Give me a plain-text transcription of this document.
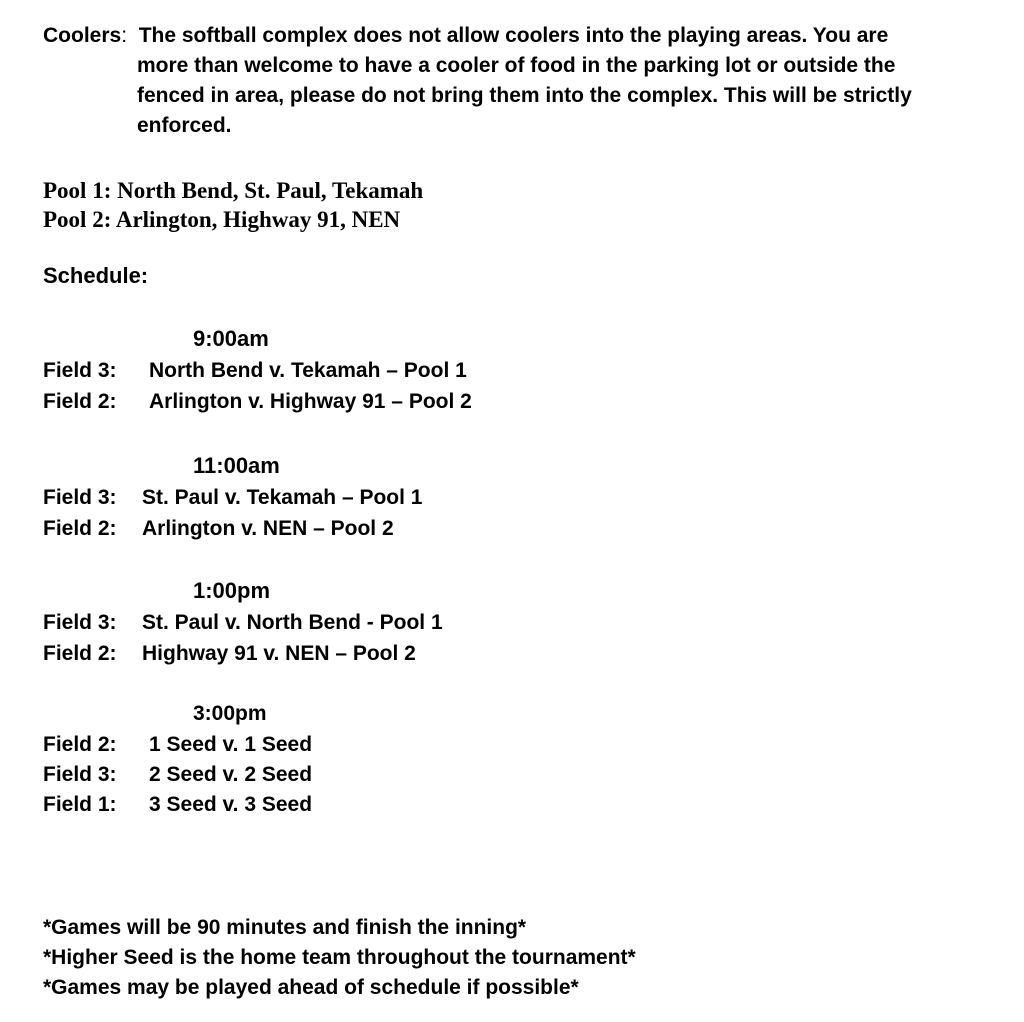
Coolers: The softball complex does not allow coolers into the playing areas. You are
more than welcome to have a cooler of food in the parking lot or outside the
fenced in area, please do not bring them into the complex. This will be strictly
enforced.
Pool 1: North Bend, St. Paul, Tekamah
Pool 2: Arlington, Highway 91, NEN
Schedule:
9:00am
Field 3: North Bend v. Tekamah – Pool 1
Field 2: Arlington v. Highway 91 – Pool 2
11:00am
Field 3: St. Paul v. Tekamah – Pool 1
Field 2: Arlington v. NEN – Pool 2
1:00pm
Field 3: St. Paul v. North Bend - Pool 1
Field 2: Highway 91 v. NEN – Pool 2
3:00pm
Field 2: 1 Seed v. 1 Seed
Field 3: 2 Seed v. 2 Seed
Field 1: 3 Seed v. 3 Seed
*Games will be 90 minutes and finish the inning*
*Higher Seed is the home team throughout the tournament*
*Games may be played ahead of schedule if possible*
